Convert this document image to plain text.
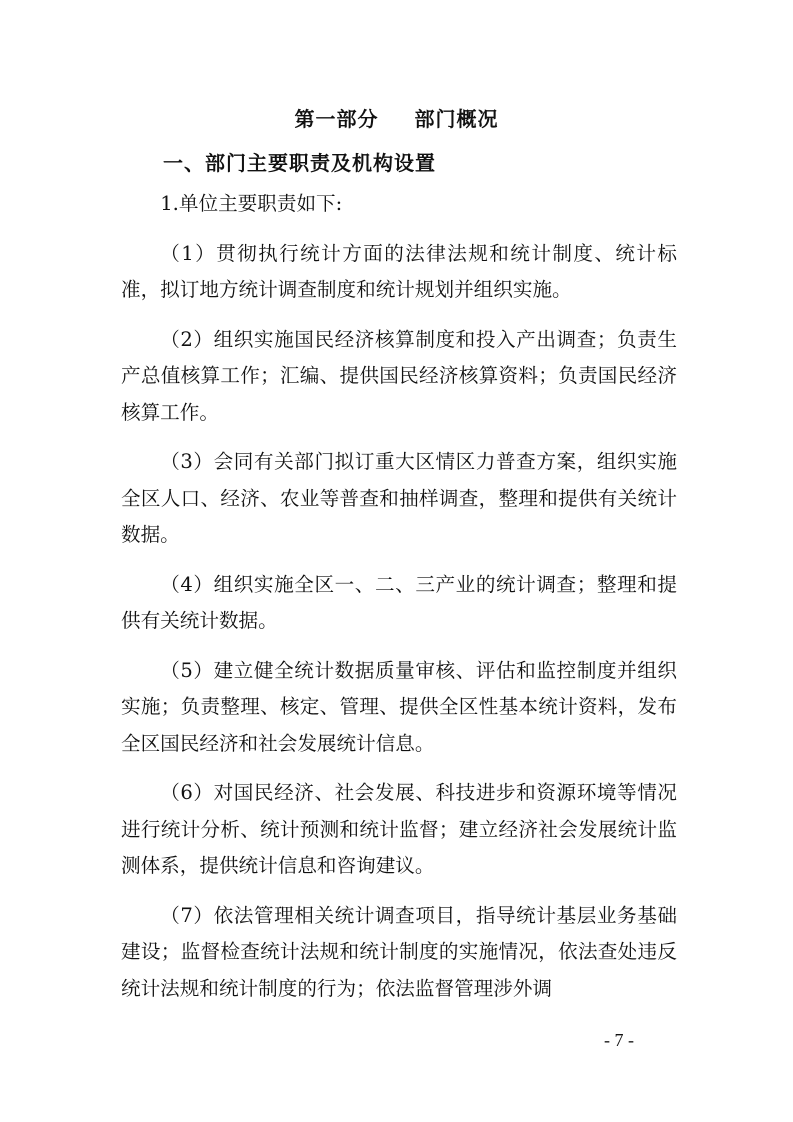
第一部分 部门概况
一、部门主要职责及机构设置

1.单位主要职责如下:

（1）贯彻执行统计方面的法律法规和统计制度、统计标准，拟订地方统计调查制度和统计规划并组织实施。

（2）组织实施国民经济核算制度和投入产出调查；负责生产总值核算工作；汇编、提供国民经济核算资料；负责国民经济核算工作。

（3）会同有关部门拟订重大区情区力普查方案，组织实施全区人口、经济、农业等普查和抽样调查，整理和提供有关统计数据。

（4）组织实施全区一、二、三产业的统计调查；整理和提供有关统计数据。

（5）建立健全统计数据质量审核、评估和监控制度并组织实施；负责整理、核定、管理、提供全区性基本统计资料，发布全区国民经济和社会发展统计信息。

（6）对国民经济、社会发展、科技进步和资源环境等情况进行统计分析、统计预测和统计监督；建立经济社会发展统计监测体系，提供统计信息和咨询建议。

（7）依法管理相关统计调查项目，指导统计基层业务基础建设；监督检查统计法规和统计制度的实施情况，依法查处违反统计法规和统计制度的行为；依法监督管理涉外调

- 7 -
